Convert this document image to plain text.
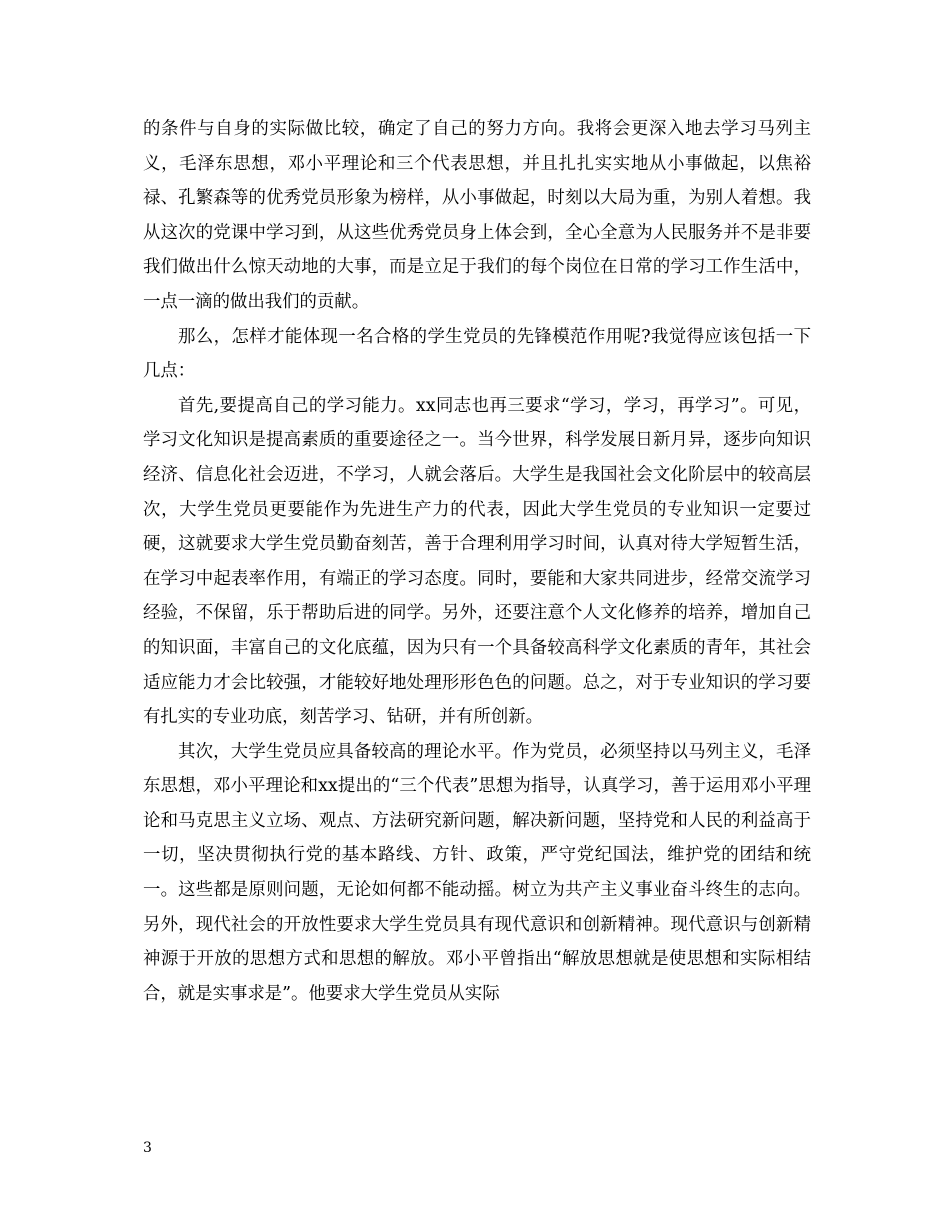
的条件与自身的实际做比较，确定了自己的努力方向。我将会更深入地去学习马列主义，毛泽东思想，邓小平理论和三个代表思想，并且扎扎实实地从小事做起，以焦裕禄、孔繁森等的优秀党员形象为榜样，从小事做起，时刻以大局为重，为别人着想。我从这次的党课中学习到，从这些优秀党员身上体会到，全心全意为人民服务并不是非要我们做出什么惊天动地的大事，而是立足于我们的每个岗位在日常的学习工作生活中，一点一滴的做出我们的贡献。

那么，怎样才能体现一名合格的学生党员的先锋模范作用呢?我觉得应该包括一下几点：

首先,要提高自己的学习能力。xx同志也再三要求“学习，学习，再学习”。可见，学习文化知识是提高素质的重要途径之一。当今世界，科学发展日新月异，逐步向知识经济、信息化社会迈进，不学习，人就会落后。大学生是我国社会文化阶层中的较高层次，大学生党员更要能作为先进生产力的代表，因此大学生党员的专业知识一定要过硬，这就要求大学生党员勤奋刻苦，善于合理利用学习时间，认真对待大学短暂生活，在学习中起表率作用，有端正的学习态度。同时，要能和大家共同进步，经常交流学习经验，不保留，乐于帮助后进的同学。另外，还要注意个人文化修养的培养，增加自己的知识面，丰富自己的文化底蕴，因为只有一个具备较高科学文化素质的青年，其社会适应能力才会比较强，才能较好地处理形形色色的问题。总之，对于专业知识的学习要有扎实的专业功底，刻苦学习、钻研，并有所创新。

其次，大学生党员应具备较高的理论水平。作为党员，必须坚持以马列主义，毛泽东思想，邓小平理论和xx提出的“三个代表”思想为指导，认真学习，善于运用邓小平理论和马克思主义立场、观点、方法研究新问题，解决新问题，坚持党和人民的利益高于一切，坚决贯彻执行党的基本路线、方针、政策，严守党纪国法，维护党的团结和统一。这些都是原则问题，无论如何都不能动摇。树立为共产主义事业奋斗终生的志向。另外，现代社会的开放性要求大学生党员具有现代意识和创新精神。现代意识与创新精神源于开放的思想方式和思想的解放。邓小平曾指出“解放思想就是使思想和实际相结合，就是实事求是”。他要求大学生党员从实际

3
